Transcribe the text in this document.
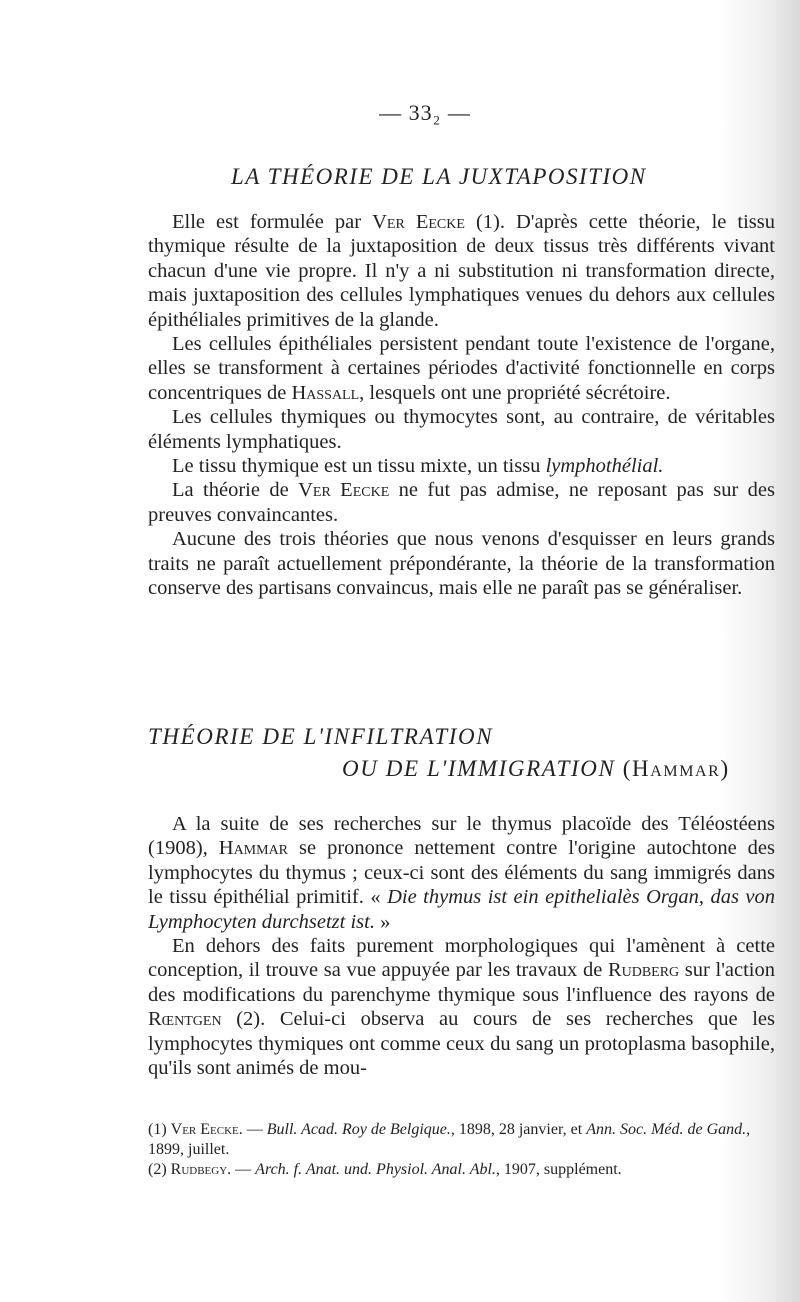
— 33₂ —
LA THÉORIE DE LA JUXTAPOSITION

Elle est formulée par Ver Eecke (1). D'après cette théorie, le tissu thymique résulte de la juxtaposition de deux tissus très différents vivant chacun d'une vie propre. Il n'y a ni substitution ni transformation directe, mais juxtaposition des cellules lymphatiques venues du dehors aux cellules épithéliales primitives de la glande.

Les cellules épithéliales persistent pendant toute l'existence de l'organe, elles se transforment à certaines périodes d'activité fonctionnelle en corps concentriques de Hassall, lesquels ont une propriété sécrétoire.

Les cellules thymiques ou thymocytes sont, au contraire, de véritables éléments lymphatiques.

Le tissu thymique est un tissu mixte, un tissu lymphothélial.

La théorie de Ver Eecke ne fut pas admise, ne reposant pas sur des preuves convaincantes.

Aucune des trois théories que nous venons d'esquisser en leurs grands traits ne paraît actuellement prépondérante, la théorie de la transformation conserve des partisans convaincus, mais elle ne paraît pas se généraliser.

THÉORIE DE L'INFILTRATION
OU DE L'IMMIGRATION (Hammar)

A la suite de ses recherches sur le thymus placoïde des Téléostéens (1908), Hammar se prononce nettement contre l'origine autochtone des lymphocytes du thymus ; ceux-ci sont des éléments du sang immigrés dans le tissu épithélial primitif. « Die thymus ist ein epithelialès Organ, das von Lymphocyten durchsetzt ist. »

En dehors des faits purement morphologiques qui l'amènent à cette conception, il trouve sa vue appuyée par les travaux de Rudberg sur l'action des modifications du parenchyme thymique sous l'influence des rayons de Rœntgen (2). Celui-ci observa au cours de ses recherches que les lymphocytes thymiques ont comme ceux du sang un protoplasma basophile, qu'ils sont animés de mou-

(1) Ver Eecke. — Bull. Acad. Roy de Belgique., 1898, 28 janvier, et Ann. Soc. Méd. de Gand., 1899, juillet.
(2) Rudbegy. — Arch. f. Anat. und. Physiol. Anal. Abl., 1907, supplément.
